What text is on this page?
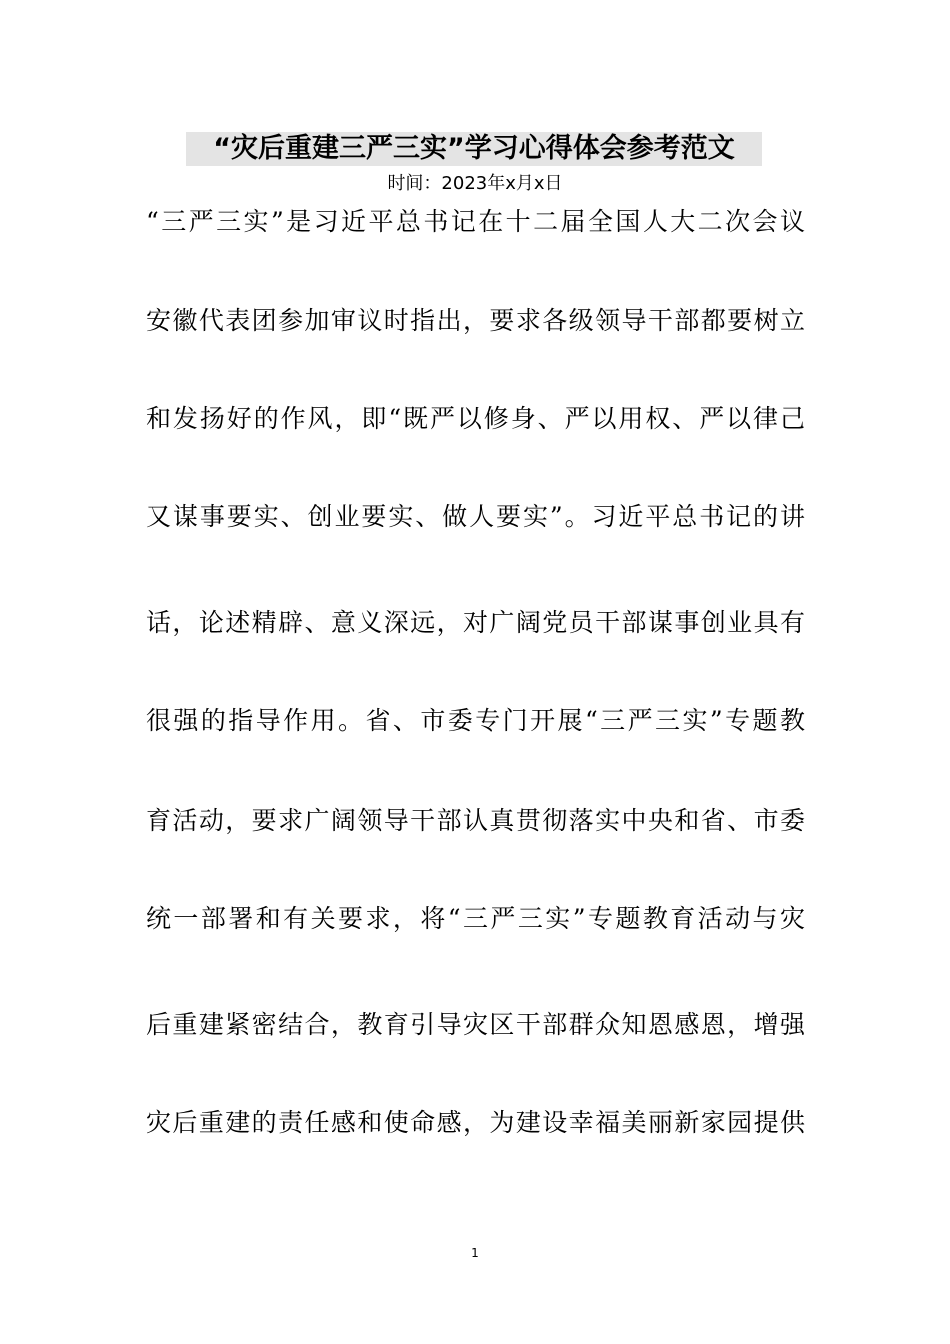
“灾后重建三严三实”学习心得体会参考范文
时间：2023年x月x日
“三严三实”是习近平总书记在十二届全国人大二次会议
安徽代表团参加审议时指出，要求各级领导干部都要树立
和发扬好的作风，即“既严以修身、严以用权、严以律己
又谋事要实、创业要实、做人要实”。习近平总书记的讲
话，论述精辟、意义深远，对广阔党员干部谋事创业具有
很强的指导作用。省、市委专门开展“三严三实”专题教
育活动，要求广阔领导干部认真贯彻落实中央和省、市委
统一部署和有关要求，将“三严三实”专题教育活动与灾
后重建紧密结合，教育引导灾区干部群众知恩感恩，增强
灾后重建的责任感和使命感，为建设幸福美丽新家园提供
1
